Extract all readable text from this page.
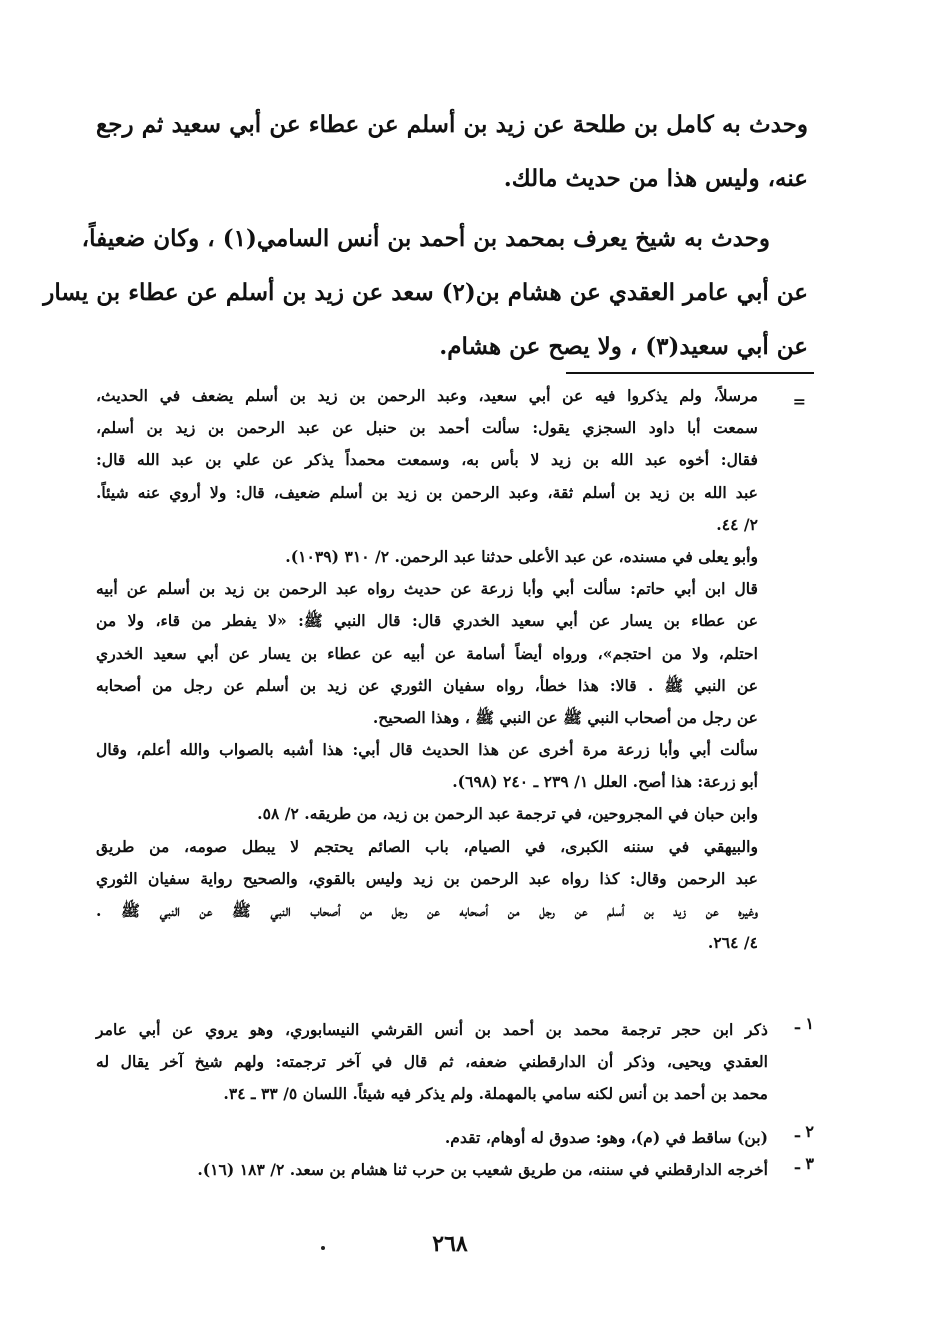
وحدث به كامل بن طلحة عن زيد بن أسلم عن عطاء عن أبي سعيد ثم رجع
عنه، وليس هذا من حديث مالك.
وحدث به شيخ يعرف بمحمد بن أحمد بن أنس السامي(١) ، وكان ضعيفاً،
عن أبي عامر العقدي عن هشام بن(٢) سعد عن زيد بن أسلم عن عطاء بن يسار
عن أبي سعيد(٣) ، ولا يصح عن هشام.
=
مرسلاً، ولم يذكروا فيه عن أبي سعيد، وعبد الرحمن بن زيد بن أسلم يضعف في الحديث،
سمعت أبا داود السجزي يقول: سألت أحمد بن حنبل عن عبد الرحمن بن زيد بن أسلم،
فقال: أخوه عبد الله بن زيد لا بأس به، وسمعت محمداً يذكر عن علي بن عبد الله قال:
عبد الله بن زيد بن أسلم ثقة، وعبد الرحمن بن زيد بن أسلم ضعيف، قال: ولا أروي عنه شيئاً.
٢/ ٤٤.
وأبو يعلى في مسنده، عن عبد الأعلى حدثنا عبد الرحمن. ٢/ ٣١٠ (١٠٣٩).
قال ابن أبي حاتم: سألت أبي وأبا زرعة عن حديث رواه عبد الرحمن بن زيد بن أسلم عن أبيه
عن عطاء بن يسار عن أبي سعيد الخدري قال: قال النبي ﷺ: «لا يفطر من قاء، ولا من
احتلم، ولا من احتجم»، ورواه أيضاً أسامة عن أبيه عن عطاء بن يسار عن أبي سعيد الخدري
عن النبي ﷺ . قالا: هذا خطأ، رواه سفيان الثوري عن زيد بن أسلم عن رجل من أصحابه
عن رجل من أصحاب النبي ﷺ عن النبي ﷺ ، وهذا الصحيح.
سألت أبي وأبا زرعة مرة أخرى عن هذا الحديث قال أبي: هذا أشبه بالصواب والله أعلم، وقال
أبو زرعة: هذا أصح. العلل ١/ ٢٣٩ ـ ٢٤٠ (٦٩٨).
وابن حبان في المجروحين، في ترجمة عبد الرحمن بن زيد، من طريقه. ٢/ ٥٨.
والبيهقي في سننه الكبرى، في الصيام، باب الصائم يحتجم لا يبطل صومه، من طريق
عبد الرحمن وقال: كذا رواه عبد الرحمن بن زيد وليس بالقوي، والصحيح رواية سفيان الثوري
وغيره عن زيد بن أسلم عن رجل من أصحابه عن رجل من أصحاب النبي ﷺ عن النبي ﷺ .
٤/ ٢٦٤.
١ ـ
ذكر ابن حجر ترجمة محمد بن أحمد بن أنس القرشي النيسابوري، وهو يروي عن أبي عامر
العقدي ويحيى، وذكر أن الدارقطني ضعفه، ثم قال في آخر ترجمته: ولهم شيخ آخر يقال له
محمد بن أحمد بن أنس لكنه سامي بالمهملة. ولم يذكر فيه شيئاً. اللسان ٥/ ٣٣ ـ ٣٤.
٢ ـ
(بن) ساقط في (م)، وهو: صدوق له أوهام، تقدم.
٣ ـ
أخرجه الدارقطني في سننه، من طريق شعيب بن حرب ثنا هشام بن سعد. ٢/ ١٨٣ (١٦).
٢٦٨
